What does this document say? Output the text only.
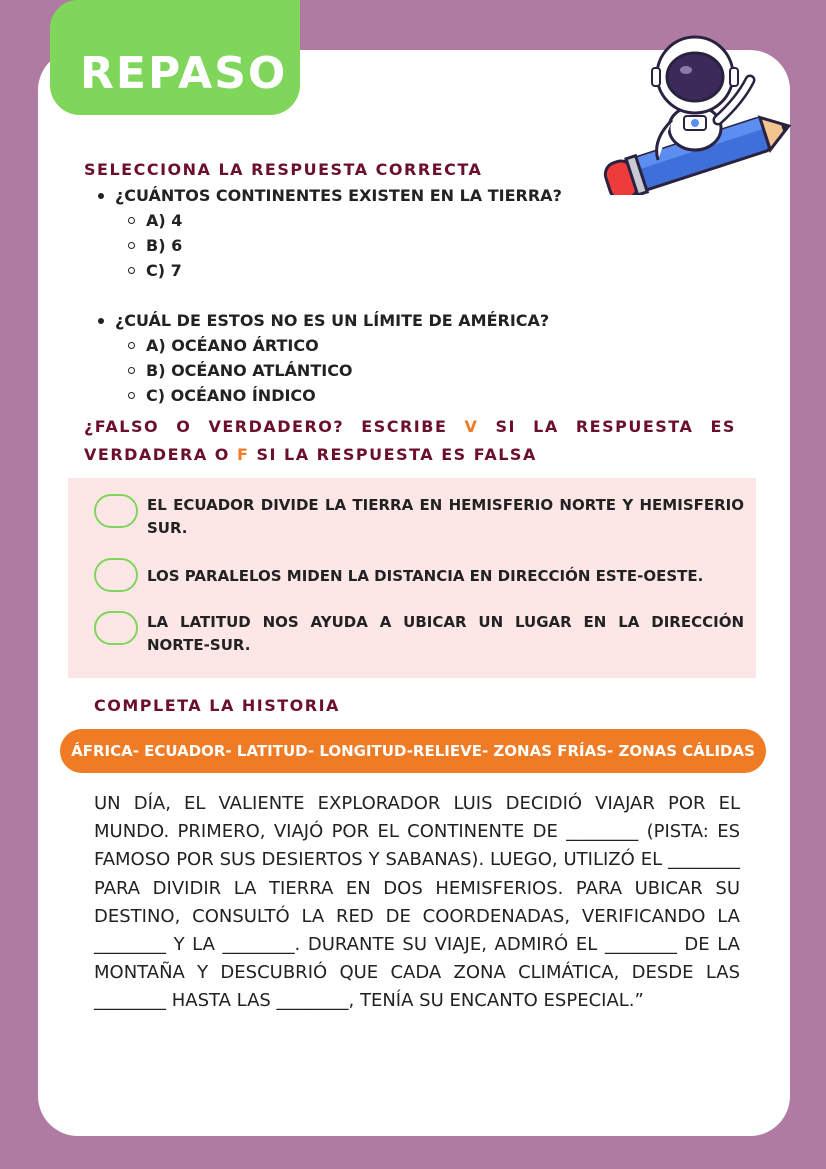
REPASO
SELECCIONA LA RESPUESTA CORRECTA
¿CUÁNTOS CONTINENTES EXISTEN EN LA TIERRA?
A) 4
B) 6
C) 7
¿CUÁL DE ESTOS NO ES UN LÍMITE DE AMÉRICA?
A) OCÉANO ÁRTICO
B) OCÉANO ATLÁNTICO
C) OCÉANO ÍNDICO
¿FALSO O VERDADERO? ESCRIBE V SI LA RESPUESTA ES
VERDADERA O F SI LA RESPUESTA ES FALSA
EL ECUADOR DIVIDE LA TIERRA EN HEMISFERIO NORTE Y HEMISFERIO SUR.
LOS PARALELOS MIDEN LA DISTANCIA EN DIRECCIÓN ESTE-OESTE.
LA LATITUD NOS AYUDA A UBICAR UN LUGAR EN LA DIRECCIÓN NORTE-SUR.
COMPLETA LA HISTORIA
ÁFRICA- ECUADOR- LATITUD- LONGITUD-RELIEVE- ZONAS FRÍAS- ZONAS CÁLIDAS
UN DÍA, EL VALIENTE EXPLORADOR LUIS DECIDIÓ VIAJAR POR EL MUNDO. PRIMERO, VIAJÓ POR EL CONTINENTE DE ________ (PISTA: ES FAMOSO POR SUS DESIERTOS Y SABANAS). LUEGO, UTILIZÓ EL ________ PARA DIVIDIR LA TIERRA EN DOS HEMISFERIOS. PARA UBICAR SU DESTINO, CONSULTÓ LA RED DE COORDENADAS, VERIFICANDO LA ________ Y LA ________. DURANTE SU VIAJE, ADMIRÓ EL ________ DE LA MONTAÑA Y DESCUBRIÓ QUE CADA ZONA CLIMÁTICA, DESDE LAS ________ HASTA LAS ________, TENÍA SU ENCANTO ESPECIAL.”
